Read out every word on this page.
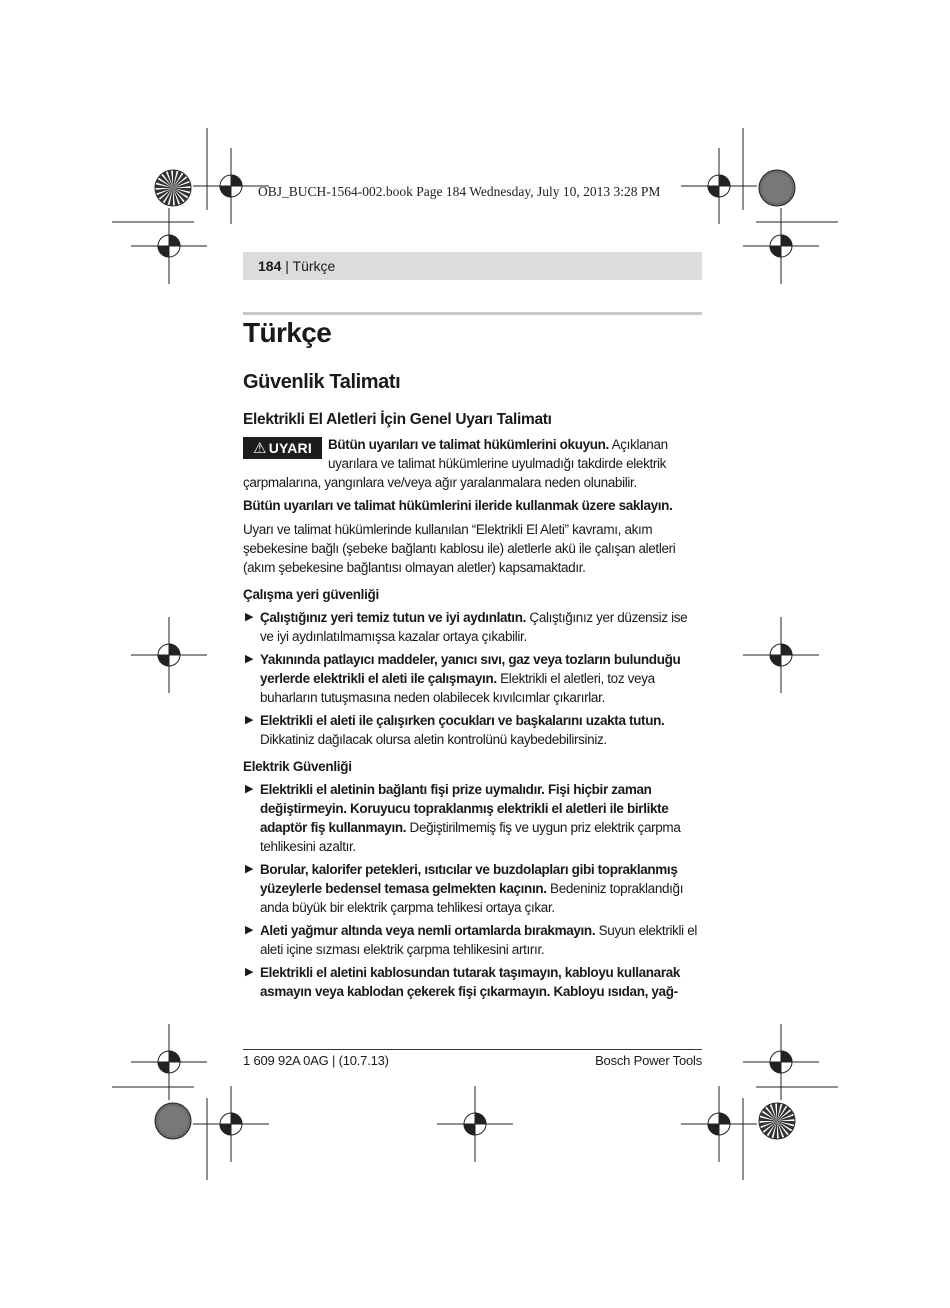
OBJ_BUCH-1564-002.book Page 184 Wednesday, July 10, 2013 3:28 PM
184 | Türkçe
Türkçe
Güvenlik Talimatı
Elektrikli El Aletleri İçin Genel Uyarı Talimatı
⚠ UYARI	Bütün uyarıları ve talimat hükümlerini okuyun. Açıklanan uyarılara ve talimat hükümlerine uyulmadığı takdirde elektrik çarpmalarına, yangınlara ve/veya ağır yaralanmalara neden olunabilir.

Bütün uyarıları ve talimat hükümlerini ileride kullanmak üzere saklayın.

Uyarı ve talimat hükümlerinde kullanılan “Elektrikli El Aleti” kavramı, akım şebekesine bağlı (şebeke bağlantı kablosu ile) aletlerle akü ile çalışan aletleri (akım şebekesine bağlantısı olmayan aletler) kapsamaktadır.

Çalışma yeri güvenliği
▶ Çalıştığınız yeri temiz tutun ve iyi aydınlatın. Çalıştığınız yer düzensiz ise ve iyi aydınlatılmamışsa kazalar ortaya çıkabilir.
▶ Yakınında patlayıcı maddeler, yanıcı sıvı, gaz veya tozların bulunduğu yerlerde elektrikli el aleti ile çalışmayın. Elektrikli el aletleri, toz veya buharların tutuşmasına neden olabilecek kıvılcımlar çıkarırlar.
▶ Elektrikli el aleti ile çalışırken çocukları ve başkalarını uzakta tutun. Dikkatiniz dağılacak olursa aletin kontrolünü kaybedebilirsiniz.
Elektrik Güvenliği
▶ Elektrikli el aletinin bağlantı fişi prize uymalıdır. Fişi hiçbir zaman değiştirmeyin. Koruyucu topraklanmış elektrikli el aletleri ile birlikte adaptör fiş kullanmayın. Değiştirilmemiş fiş ve uygun priz elektrik çarpma tehlikesini azaltır.
▶ Borular, kalorifer petekleri, ısıtıcılar ve buzdolapları gibi topraklanmış yüzeylerle bedensel temasa gelmekten kaçının. Bedeniniz topraklandığı anda büyük bir elektrik çarpma tehlikesi ortaya çıkar.
▶ Aleti yağmur altında veya nemli ortamlarda bırakmayın. Suyun elektrikli el aleti içine sızması elektrik çarpma tehlikesini artırır.
▶ Elektrikli el aletini kablosundan tutarak taşımayın, kabloyu kullanarak asmayın veya kablodan çekerek fişi çıkarmayın. Kabloyu ısıdan, yağ-
1 609 92A 0AG | (10.7.13)	Bosch Power Tools
